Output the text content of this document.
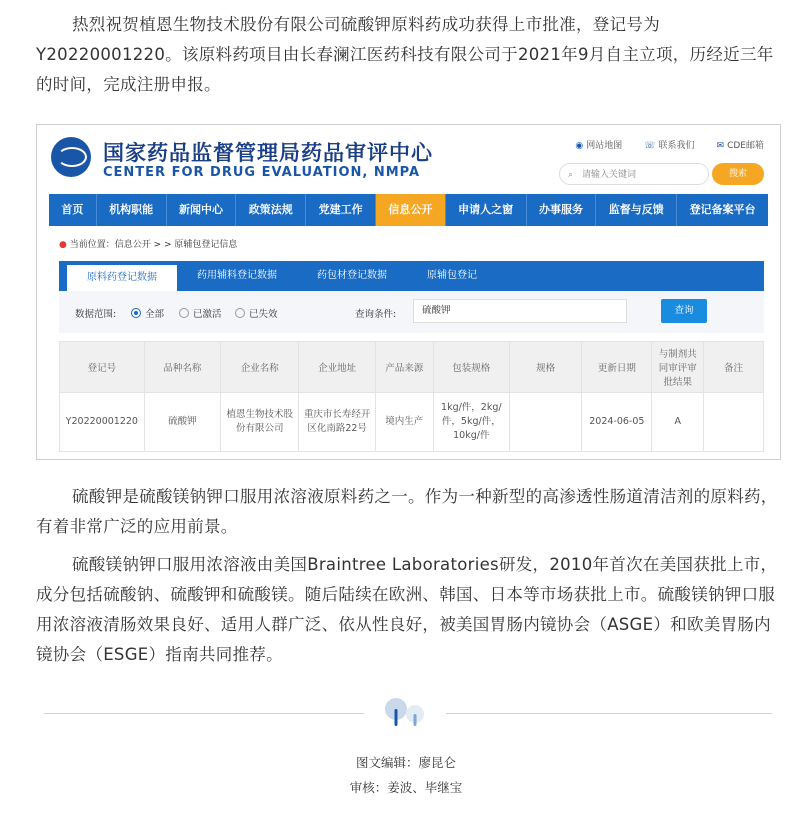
热烈祝贺植恩生物技术股份有限公司硫酸钾原料药成功获得上市批准，登记号为Y20220001220。该原料药项目由长春澜江医药科技有限公司于2021年9月自主立项，历经近三年的时间，完成注册申报。

国家药品监督管理局药品审评中心
CENTER FOR DRUG EVALUATION, NMPA
◉ 网站地图 ☏ 联系我们 ✉ CDE邮箱
⌕ 请输入关键词	搜索
首页	机构职能	新闻中心	政策法规	党建工作	信息公开	申请人之窗	办事服务	监督与反馈	登记备案平台
● 当前位置：信息公开 > > 原辅包登记信息
原料药登记数据	药用辅料登记数据	药包材登记数据	原辅包登记
数据范围:	全部	已激活	已失效	查询条件:	硫酸钾	查询
登记号	品种名称	企业名称	企业地址	产品来源	包装规格	规格	更新日期	与制剂共同审评审批结果	备注
Y20220001220	硫酸钾	植恩生物技术股份有限公司	重庆市长寿经开区化南路22号	境内生产	1kg/件，2kg/件，5kg/件，10kg/件		2024-06-05	A	

硫酸钾是硫酸镁钠钾口服用浓溶液原料药之一。作为一种新型的高渗透性肠道清洁剂的原料药，有着非常广泛的应用前景。

硫酸镁钠钾口服用浓溶液由美国Braintree Laboratories研发，2010年首次在美国获批上市，成分包括硫酸钠、硫酸钾和硫酸镁。随后陆续在欧洲、韩国、日本等市场获批上市。硫酸镁钠钾口服用浓溶液清肠效果良好、适用人群广泛、依从性良好，被美国胃肠内镜协会（ASGE）和欧美胃肠内镜协会（ESGE）指南共同推荐。

图文编辑：廖昆仑
审核：姜波、毕继宝
